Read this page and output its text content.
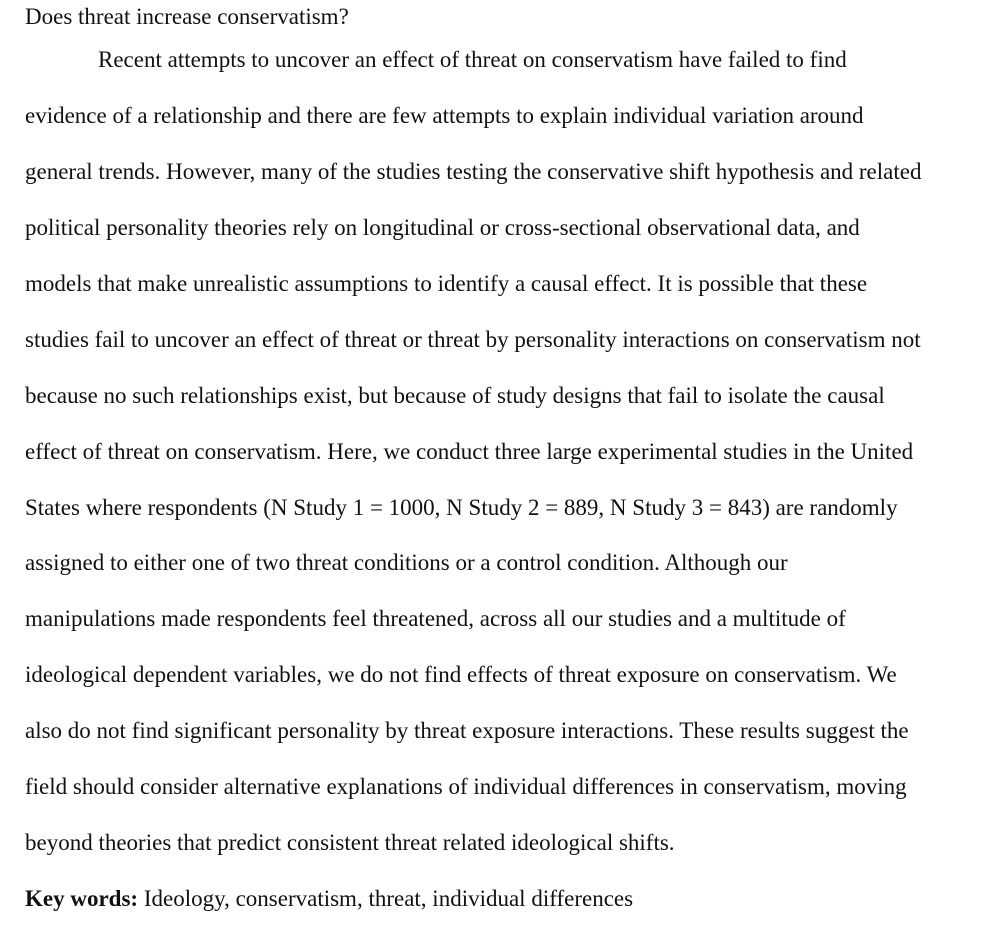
Does threat increase conservatism?
Recent attempts to uncover an effect of threat on conservatism have failed to find
evidence of a relationship and there are few attempts to explain individual variation around
general trends. However, many of the studies testing the conservative shift hypothesis and related
political personality theories rely on longitudinal or cross-sectional observational data, and
models that make unrealistic assumptions to identify a causal effect. It is possible that these
studies fail to uncover an effect of threat or threat by personality interactions on conservatism not
because no such relationships exist, but because of study designs that fail to isolate the causal
effect of threat on conservatism. Here, we conduct three large experimental studies in the United
States where respondents (N Study 1 = 1000, N Study 2 = 889, N Study 3 = 843) are randomly
assigned to either one of two threat conditions or a control condition. Although our
manipulations made respondents feel threatened, across all our studies and a multitude of
ideological dependent variables, we do not find effects of threat exposure on conservatism. We
also do not find significant personality by threat exposure interactions. These results suggest the
field should consider alternative explanations of individual differences in conservatism, moving
beyond theories that predict consistent threat related ideological shifts.
Key words: Ideology, conservatism, threat, individual differences
